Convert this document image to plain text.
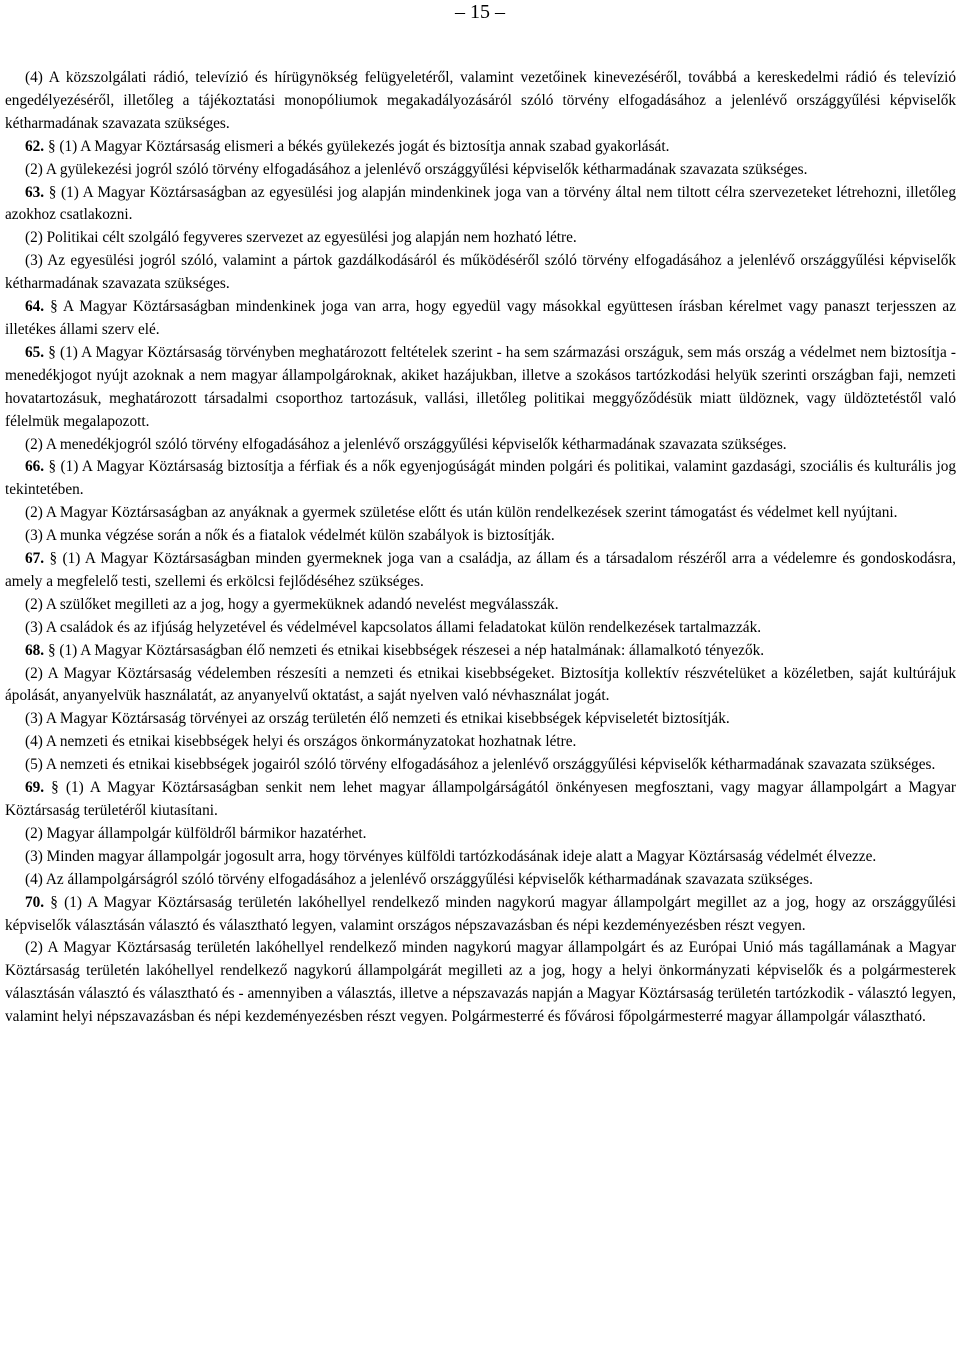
– 15 –

(4) A közszolgálati rádió, televízió és hírügynökség felügyeletéről, valamint vezetőinek kinevezéséről, továbbá a kereskedelmi rádió és televízió engedélyezéséről, illetőleg a tájékoztatási monopóliumok megakadályozásáról szóló törvény elfogadásához a jelenlévő országgyűlési képviselők kétharmadának szavazata szükséges.

62. § (1) A Magyar Köztársaság elismeri a békés gyülekezés jogát és biztosítja annak szabad gyakorlását.

(2) A gyülekezési jogról szóló törvény elfogadásához a jelenlévő országgyűlési képviselők kétharmadának szavazata szükséges.

63. § (1) A Magyar Köztársaságban az egyesülési jog alapján mindenkinek joga van a törvény által nem tiltott célra szervezeteket létrehozni, illetőleg azokhoz csatlakozni.

(2) Politikai célt szolgáló fegyveres szervezet az egyesülési jog alapján nem hozható létre.

(3) Az egyesülési jogról szóló, valamint a pártok gazdálkodásáról és működéséről szóló törvény elfogadásához a jelenlévő országgyűlési képviselők kétharmadának szavazata szükséges.

64. § A Magyar Köztársaságban mindenkinek joga van arra, hogy egyedül vagy másokkal együttesen írásban kérelmet vagy panaszt terjesszen az illetékes állami szerv elé.

65. § (1) A Magyar Köztársaság törvényben meghatározott feltételek szerint - ha sem származási országuk, sem más ország a védelmet nem biztosítja - menedékjogot nyújt azoknak a nem magyar állampolgároknak, akiket hazájukban, illetve a szokásos tartózkodási helyük szerinti országban faji, nemzeti hovatartozásuk, meghatározott társadalmi csoporthoz tartozásuk, vallási, illetőleg politikai meggyőződésük miatt üldöznek, vagy üldöztetéstől való félelmük megalapozott.

(2) A menedékjogról szóló törvény elfogadásához a jelenlévő országgyűlési képviselők kétharmadának szavazata szükséges.

66. § (1) A Magyar Köztársaság biztosítja a férfiak és a nők egyenjogúságát minden polgári és politikai, valamint gazdasági, szociális és kulturális jog tekintetében.

(2) A Magyar Köztársaságban az anyáknak a gyermek születése előtt és után külön rendelkezések szerint támogatást és védelmet kell nyújtani.

(3) A munka végzése során a nők és a fiatalok védelmét külön szabályok is biztosítják.

67. § (1) A Magyar Köztársaságban minden gyermeknek joga van a családja, az állam és a társadalom részéről arra a védelemre és gondoskodásra, amely a megfelelő testi, szellemi és erkölcsi fejlődéséhez szükséges.

(2) A szülőket megilleti az a jog, hogy a gyermeküknek adandó nevelést megválasszák.

(3) A családok és az ifjúság helyzetével és védelmével kapcsolatos állami feladatokat külön rendelkezések tartalmazzák.

68. § (1) A Magyar Köztársaságban élő nemzeti és etnikai kisebbségek részesei a nép hatalmának: államalkotó tényezők.

(2) A Magyar Köztársaság védelemben részesíti a nemzeti és etnikai kisebbségeket. Biztosítja kollektív részvételüket a közéletben, saját kultúrájuk ápolását, anyanyelvük használatát, az anyanyelvű oktatást, a saját nyelven való névhasználat jogát.

(3) A Magyar Köztársaság törvényei az ország területén élő nemzeti és etnikai kisebbségek képviseletét biztosítják.

(4) A nemzeti és etnikai kisebbségek helyi és országos önkormányzatokat hozhatnak létre.

(5) A nemzeti és etnikai kisebbségek jogairól szóló törvény elfogadásához a jelenlévő országgyűlési képviselők kétharmadának szavazata szükséges.

69. § (1) A Magyar Köztársaságban senkit nem lehet magyar állampolgárságától önkényesen megfosztani, vagy magyar állampolgárt a Magyar Köztársaság területéről kiutasítani.

(2) Magyar állampolgár külföldről bármikor hazatérhet.

(3) Minden magyar állampolgár jogosult arra, hogy törvényes külföldi tartózkodásának ideje alatt a Magyar Köztársaság védelmét élvezze.

(4) Az állampolgárságról szóló törvény elfogadásához a jelenlévő országgyűlési képviselők kétharmadának szavazata szükséges.

70. § (1) A Magyar Köztársaság területén lakóhellyel rendelkező minden nagykorú magyar állampolgárt megillet az a jog, hogy az országgyűlési képviselők választásán választó és választható legyen, valamint országos népszavazásban és népi kezdeményezésben részt vegyen.

(2) A Magyar Köztársaság területén lakóhellyel rendelkező minden nagykorú magyar állampolgárt és az Európai Unió más tagállamának a Magyar Köztársaság területén lakóhellyel rendelkező nagykorú állampolgárát megilleti az a jog, hogy a helyi önkormányzati képviselők és a polgármesterek választásán választó és választható és - amennyiben a választás, illetve a népszavazás napján a Magyar Köztársaság területén tartózkodik - választó legyen, valamint helyi népszavazásban és népi kezdeményezésben részt vegyen. Polgármesterré és fővárosi főpolgármesterré magyar állampolgár választható.
